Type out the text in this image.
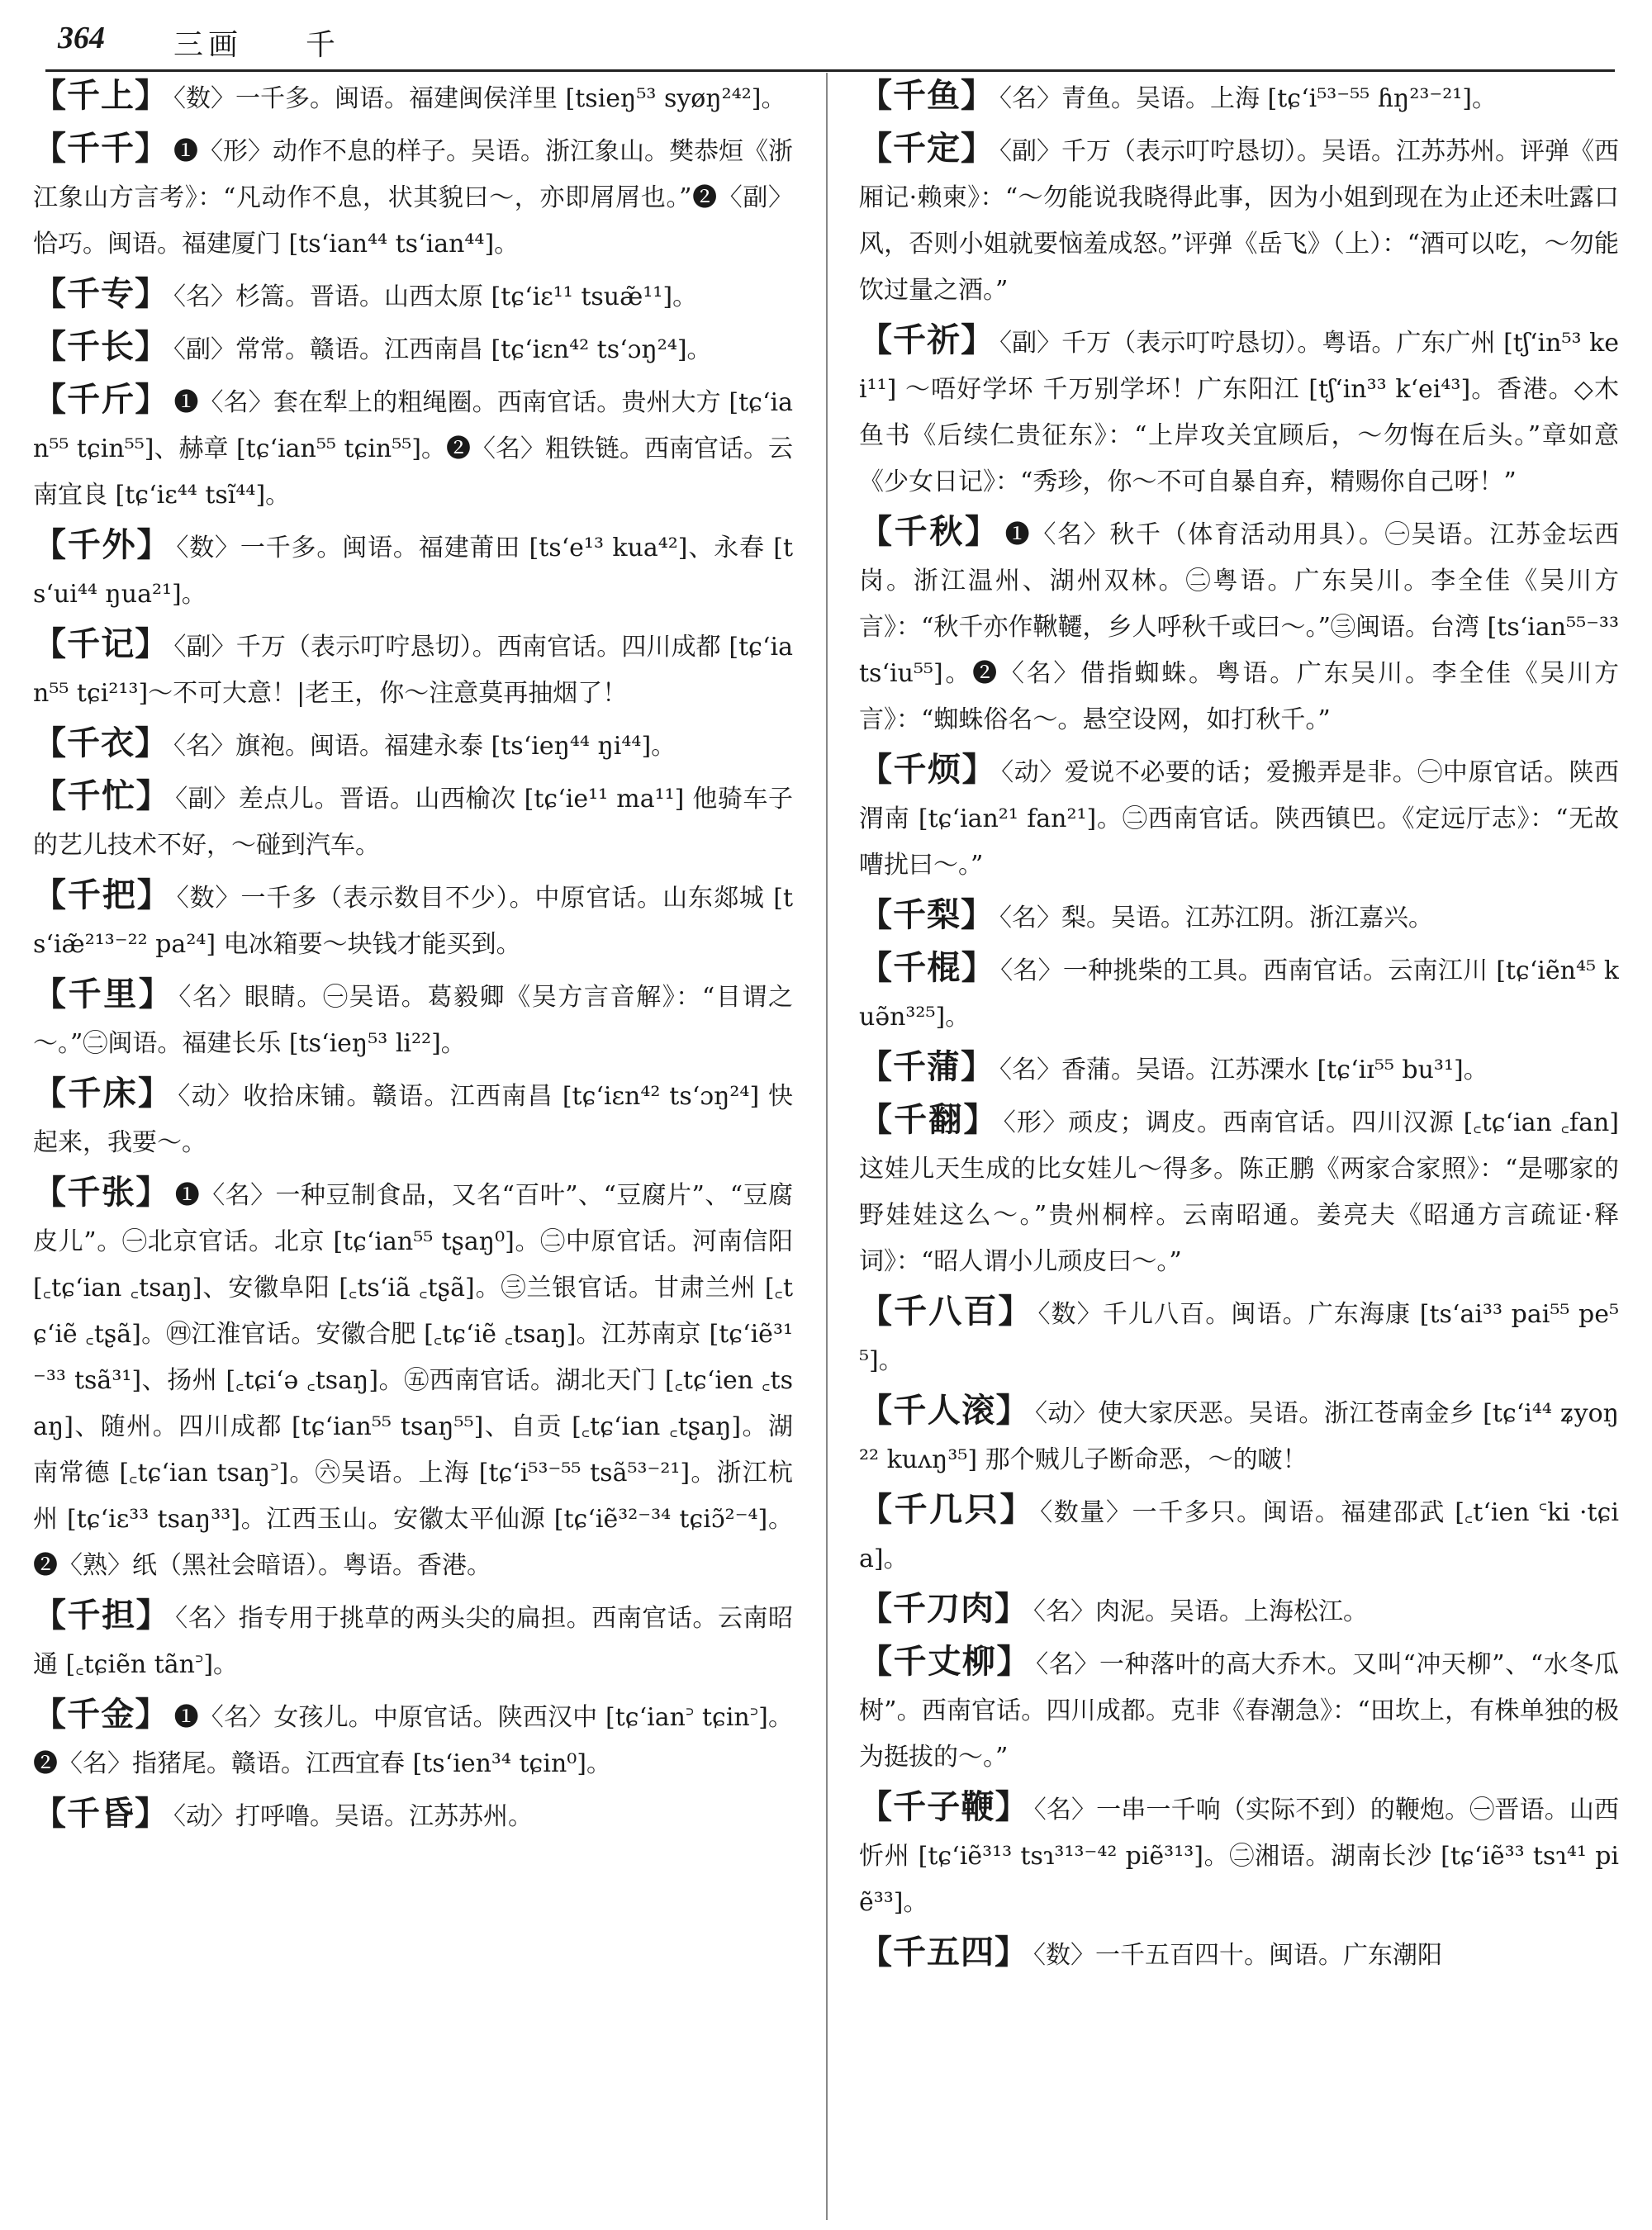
364 三画 千

【千上】 〈数〉一千多。闽语。福建闽侯洋里 [tsieŋ⁵³ syøŋ²⁴²]。

【千千】 ❶〈形〉动作不息的样子。吴语。浙江象山。樊恭烜《浙江象山方言考》：“凡动作不息，状其貌曰～，亦即屑屑也。”❷〈副〉恰巧。闽语。福建厦门 [ts‘ian⁴⁴ ts‘ian⁴⁴]。

【千专】 〈名〉杉篙。晋语。山西太原 [tɕ‘iɛ¹¹ tsuæ̃¹¹]。

【千长】 〈副〉常常。赣语。江西南昌 [tɕ‘iɛn⁴² ts‘ɔŋ²⁴]。

【千斤】 ❶〈名〉套在犁上的粗绳圈。西南官话。贵州大方 [tɕ‘ian⁵⁵ tɕin⁵⁵]、赫章 [tɕ‘ian⁵⁵ tɕin⁵⁵]。❷〈名〉粗铁链。西南官话。云南宜良 [tɕ‘iɛ⁴⁴ tsĩ⁴⁴]。

【千外】 〈数〉一千多。闽语。福建莆田 [ts‘e¹³ kua⁴²]、永春 [ts‘ui⁴⁴ ŋua²¹]。

【千记】 〈副〉千万（表示叮咛恳切）。西南官话。四川成都 [tɕ‘ian⁵⁵ tɕi²¹³]～不可大意！|老王，你～注意莫再抽烟了！

【千衣】 〈名〉旗袍。闽语。福建永泰 [ts‘ieŋ⁴⁴ ŋi⁴⁴]。

【千忙】 〈副〉差点儿。晋语。山西榆次 [tɕ‘ie¹¹ ma¹¹] 他骑车子的艺儿技术不好，～碰到汽车。

【千把】 〈数〉一千多（表示数目不少）。中原官话。山东郯城 [ts‘iæ̃²¹³⁻²² pa²⁴] 电冰箱要～块钱才能买到。

【千里】 〈名〉眼睛。㊀吴语。葛毅卿《吴方言音解》：“目谓之～。”㊁闽语。福建长乐 [ts‘ieŋ⁵³ li²²]。

【千床】 〈动〉收拾床铺。赣语。江西南昌 [tɕ‘iɛn⁴² ts‘ɔŋ²⁴] 快起来，我要～。

【千张】 ❶〈名〉一种豆制食品，又名“百叶”、“豆腐片”、“豆腐皮儿”。㊀北京官话。北京 [tɕ‘ian⁵⁵ tʂaŋ⁰]。㊁中原官话。河南信阳 [꜀tɕ‘ian ꜀tsaŋ]、安徽阜阳 [꜀ts‘iã ꜀tʂã]。㊂兰银官话。甘肃兰州 [꜀tɕ‘iẽ ꜀tʂã]。㊃江淮官话。安徽合肥 [꜀tɕ‘iẽ ꜀tsaŋ]。江苏南京 [tɕ‘iẽ³¹⁻³³ tsã³¹]、扬州 [꜀tɕi‘ə ꜀tsaŋ]。㊄西南官话。湖北天门 [꜀tɕ‘ien ꜀tsaŋ]、随州。四川成都 [tɕ‘ian⁵⁵ tsaŋ⁵⁵]、自贡 [꜀tɕ‘ian ꜀tʂaŋ]。湖南常德 [꜀tɕ‘ian tsaŋ꜄]。㊅吴语。上海 [tɕ‘i⁵³⁻⁵⁵ tsã⁵³⁻²¹]。浙江杭州 [tɕ‘iɛ³³ tsaŋ³³]。江西玉山。安徽太平仙源 [tɕ‘iẽ³²⁻³⁴ tɕiɔ̃²⁻⁴]。❷〈熟〉纸（黑社会暗语）。粤语。香港。

【千担】 〈名〉指专用于挑草的两头尖的扁担。西南官话。云南昭通 [꜀tɕiẽn tãn꜄]。

【千金】 ❶〈名〉女孩儿。中原官话。陕西汉中 [tɕ‘ian꜄ tɕin꜄]。❷〈名〉指猪尾。赣语。江西宜春 [ts‘ien³⁴ tɕin⁰]。

【千昏】 〈动〉打呼噜。吴语。江苏苏州。

【千鱼】 〈名〉青鱼。吴语。上海 [tɕ‘i⁵³⁻⁵⁵ ɦŋ²³⁻²¹]。

【千定】 〈副〉千万（表示叮咛恳切）。吴语。江苏苏州。评弹《西厢记·赖柬》：“～勿能说我晓得此事，因为小姐到现在为止还未吐露口风，否则小姐就要恼羞成怒。”评弹《岳飞》（上）：“酒可以吃，～勿能饮过量之酒。”

【千祈】 〈副〉千万（表示叮咛恳切）。粤语。广东广州 [tʃ‘in⁵³ kei¹¹] ～唔好学坏 千万别学坏！广东阳江 [tʃ‘in³³ k‘ei⁴³]。香港。◇木鱼书《后续仁贵征东》：“上岸攻关宜顾后，～勿悔在后头。”章如意《少女日记》：“秀珍，你～不可自暴自弃，精赐你自己呀！”

【千秋】 ❶〈名〉秋千（体育活动用具）。㊀吴语。江苏金坛西岗。浙江温州、湖州双林。㊁粤语。广东吴川。李全佳《吴川方言》：“秋千亦作鞦韆，乡人呼秋千或曰～。”㊂闽语。台湾 [ts‘ian⁵⁵⁻³³ ts‘iu⁵⁵]。❷〈名〉借指蜘蛛。粤语。广东吴川。李全佳《吴川方言》：“蜘蛛俗名～。悬空设网，如打秋千。”

【千烦】 〈动〉爱说不必要的话；爱搬弄是非。㊀中原官话。陕西渭南 [tɕ‘ian²¹ fan²¹]。㊁西南官话。陕西镇巴。《定远厅志》：“无故嘈扰曰～。”

【千梨】 〈名〉梨。吴语。江苏江阴。浙江嘉兴。

【千棍】 〈名〉一种挑柴的工具。西南官话。云南江川 [tɕ‘iẽn⁴⁵ kuə̃n³²⁵]。

【千蒲】 〈名〉香蒲。吴语。江苏溧水 [tɕ‘iɪ⁵⁵ bu³¹]。

【千翻】 〈形〉顽皮；调皮。西南官话。四川汉源 [꜀tɕ‘ian ꜀fan] 这娃儿天生成的比女娃儿～得多。陈正鹏《两家合家照》：“是哪家的野娃娃这么～。”贵州桐梓。云南昭通。姜亮夫《昭通方言疏证·释词》：“昭人谓小儿顽皮曰～。”

【千八百】 〈数〉千儿八百。闽语。广东海康 [ts‘ai³³ pai⁵⁵ pe⁵⁵]。

【千人滚】 〈动〉使大家厌恶。吴语。浙江苍南金乡 [tɕ‘i⁴⁴ ʑyoŋ²² kuʌŋ³⁵] 那个贼儿子断命恶，～的啵！

【千几只】 〈数量〉一千多只。闽语。福建邵武 [꜀t‘ien ꜂ki ·tɕia]。

【千刀肉】 〈名〉肉泥。吴语。上海松江。

【千丈柳】 〈名〉一种落叶的高大乔木。又叫“冲天柳”、“水冬瓜树”。西南官话。四川成都。克非《春潮急》：“田坎上，有株单独的极为挺拔的～。”

【千子鞭】 〈名〉一串一千响（实际不到）的鞭炮。㊀晋语。山西忻州 [tɕ‘iẽ³¹³ tsɿ³¹³⁻⁴² piẽ³¹³]。㊁湘语。湖南长沙 [tɕ‘iẽ³³ tsɿ⁴¹ piẽ³³]。

【千五四】 〈数〉一千五百四十。闽语。广东潮阳
